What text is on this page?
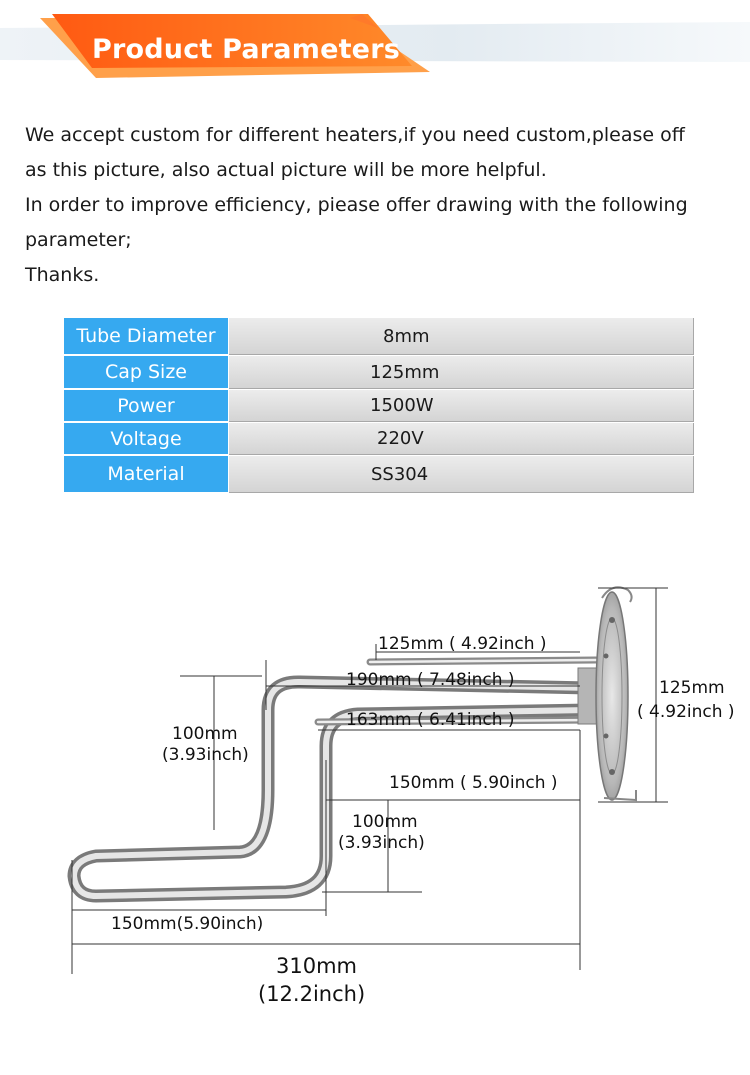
Product Parameters
We accept custom for different heaters,if you need custom,please off
as this picture, also actual picture will be more helpful.
In order to improve efficiency, piease offer drawing with the following
parameter;
Thanks.
Tube Diameter	8mm
Cap Size	125mm
Power	1500W
Voltage	220V
Material	SS304
125mm ( 4.92inch )
190mm ( 7.48inch )
163mm ( 6.41inch )
125mm
( 4.92inch )
100mm
(3.93inch)
150mm ( 5.90inch )
100mm
(3.93inch)
150mm(5.90inch)
310mm
(12.2inch)
